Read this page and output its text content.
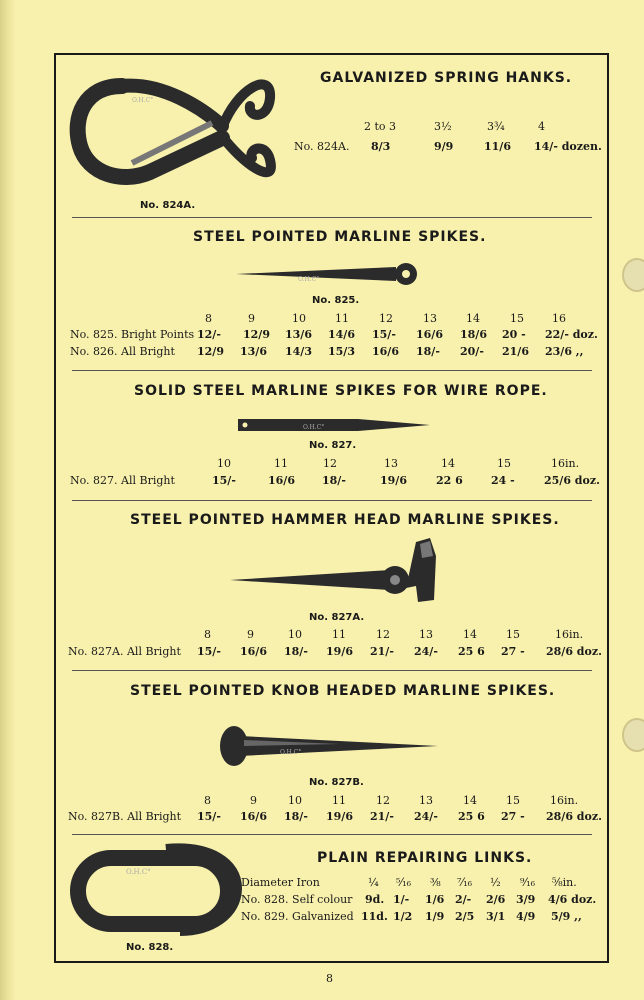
O.H.C°
No. 824A.
GALVANIZED SPRING HANKS.
2 to 3	3½	3¾	4
No. 824A. 8/3	9/9	11/6 14/- dozen.
STEEL POINTED MARLINE SPIKES.
O.H.C°
No. 825.
8	9	10	11	12	13	14	15	16
No. 825. Bright Points 12/- 12/9 13/6 14/6 15/- 16/6 18/6 20 - 22/- doz.
No. 826. All Bright 12/9 13/6 14/3 15/3 16/6 18/- 20/- 21/6 23/6 ,,
SOLID STEEL MARLINE SPIKES FOR WIRE ROPE.
O.H.C°
No. 827.
10	11	12	13	14	15	16in.
No. 827. All Bright	15/-	16/6 18/-	19/6	22 6	24 -	25/6 doz.
STEEL POINTED HAMMER HEAD MARLINE SPIKES.
No. 827A.
8	9	10	11	12	13	14	15	16in.
No. 827A. All Bright 15/- 16/6 18/- 19/6 21/- 24/- 25 6 27 - 28/6 doz.
STEEL POINTED KNOB HEADED MARLINE SPIKES.
O.H.C°
No. 827B.
8	9	10	11	12	13	14	15	16in.
No. 827B. All Bright 15/- 16/6 18/- 19/6 21/- 24/- 25 6 27 - 28/6 doz.
O.H.C°
No. 828.
PLAIN REPAIRING LINKS.
Diameter Iron	¼ ⁵⁄₁₆ ⅜ ⁷⁄₁₆ ½ ⁹⁄₁₆ ⅝in.
No. 828. Self colour 9d. 1/- 1/6 2/- 2/6 3/9 4/6 doz.
No. 829. Galvanized 11d. 1/2 1/9 2/5 3/1 4/9 5/9 ,,
8
